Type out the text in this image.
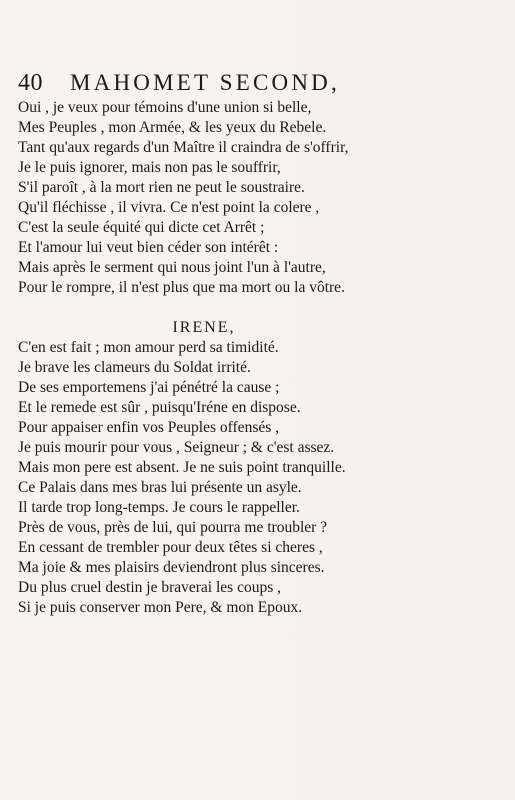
40 MAHOMET SECOND,
Oui , je veux pour témoins d'une union si belle,
Mes Peuples , mon Armée, & les yeux du Rebele.
Tant qu'aux regards d'un Maître il craindra de s'offrir,
Je le puis ignorer, mais non pas le souffrir,
S'il paroît , à la mort rien ne peut le soustraire.
Qu'il fléchisse , il vivra. Ce n'est point la colere ,
C'est la seule équité qui dicte cet Arrêt ;
Et l'amour lui veut bien céder son intérêt :
Mais après le serment qui nous joint l'un à l'autre,
Pour le rompre, il n'est plus que ma mort ou la vôtre.
IRENE,
C'en est fait ; mon amour perd sa timidité.
Je brave les clameurs du Soldat irrité.
De ses emportemens j'ai pénétré la cause ;
Et le remede est sûr , puisqu'Iréne en dispose.
Pour appaiser enfin vos Peuples offensés ,
Je puis mourir pour vous , Seigneur ; & c'est assez.
Mais mon pere est absent. Je ne suis point tranquille.
Ce Palais dans mes bras lui présente un asyle.
Il tarde trop long-temps. Je cours le rappeller.
Près de vous, près de lui, qui pourra me troubler ?
En cessant de trembler pour deux têtes si cheres ,
Ma joie & mes plaisirs deviendront plus sinceres.
Du plus cruel destin je braverai les coups ,
Si je puis conserver mon Pere, & mon Epoux.
